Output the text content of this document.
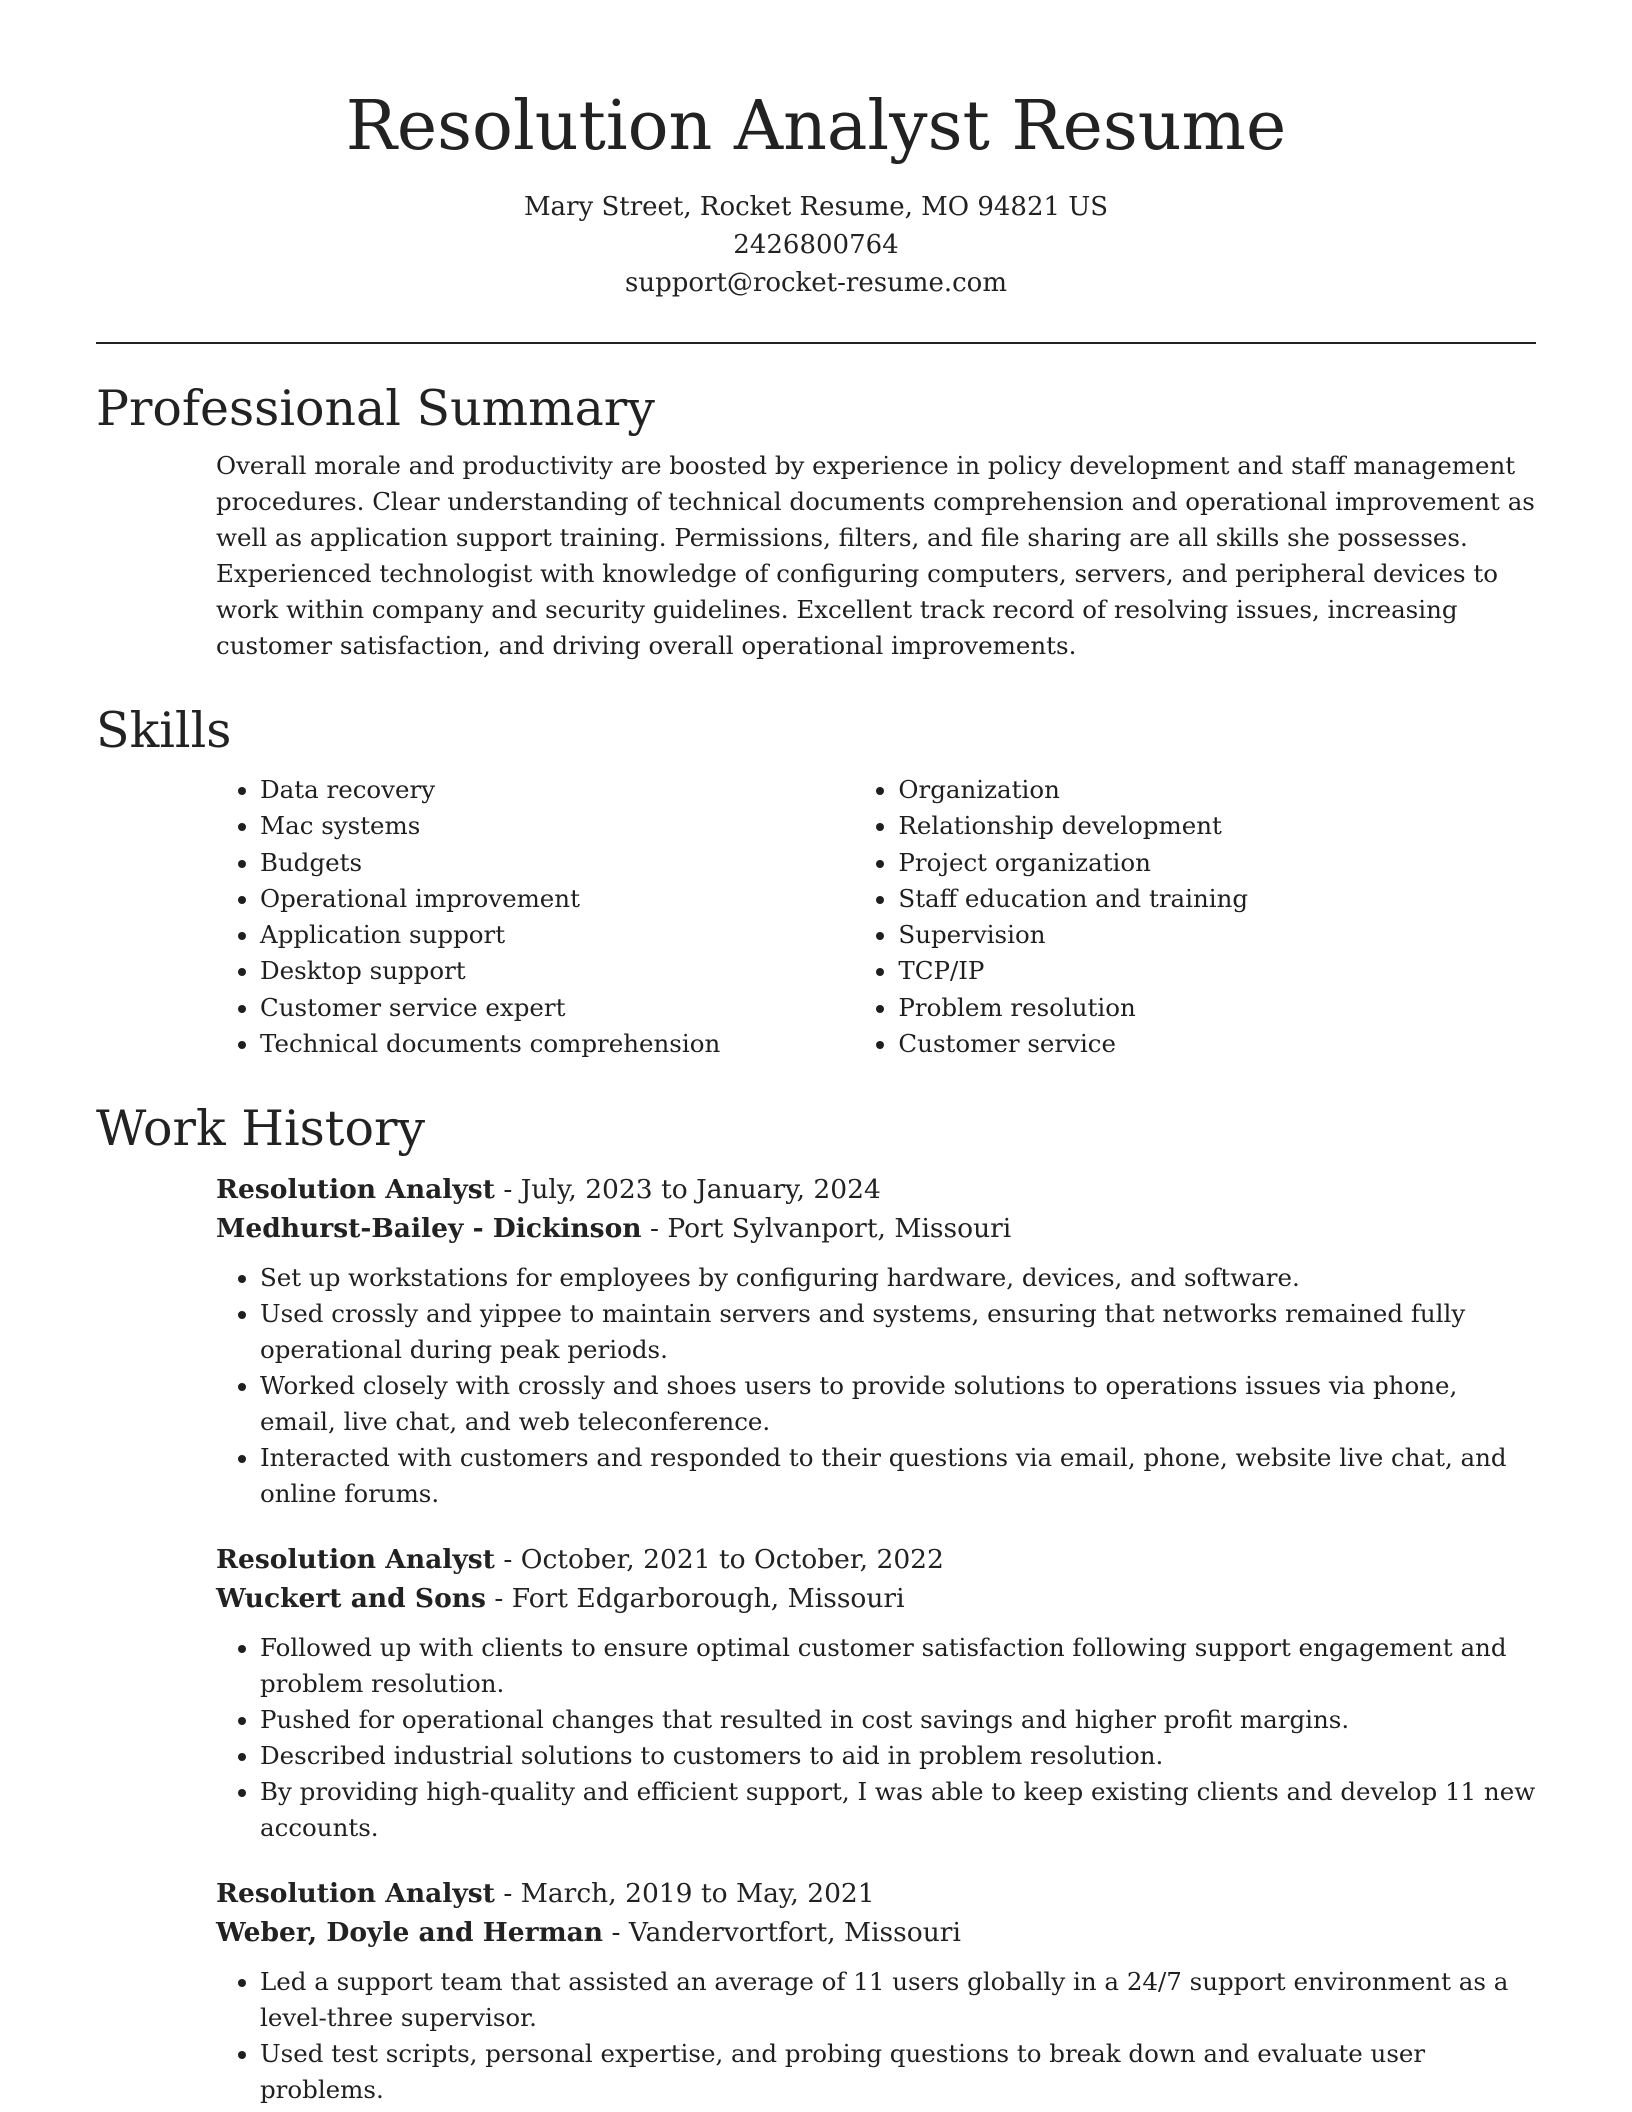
Resolution Analyst Resume
Mary Street, Rocket Resume, MO 94821 US
2426800764
support@rocket-resume.com
Professional Summary

Overall morale and productivity are boosted by experience in policy development and staff management procedures. Clear understanding of technical documents comprehension and operational improvement as well as application support training. Permissions, filters, and file sharing are all skills she possesses. Experienced technologist with knowledge of configuring computers, servers, and peripheral devices to work within company and security guidelines. Excellent track record of resolving issues, increasing customer satisfaction, and driving overall operational improvements.

Skills
• Data recovery
• Mac systems
• Budgets
• Operational improvement
• Application support
• Desktop support
• Customer service expert
• Technical documents comprehension
• Organization
• Relationship development
• Project organization
• Staff education and training
• Supervision
• TCP/IP
• Problem resolution
• Customer service
Work History
Resolution Analyst - July, 2023 to January, 2024
Medhurst-Bailey - Dickinson - Port Sylvanport, Missouri
• Set up workstations for employees by configuring hardware, devices, and software.
• Used crossly and yippee to maintain servers and systems, ensuring that networks remained fully operational during peak periods.
• Worked closely with crossly and shoes users to provide solutions to operations issues via phone, email, live chat, and web teleconference.
• Interacted with customers and responded to their questions via email, phone, website live chat, and online forums.
Resolution Analyst - October, 2021 to October, 2022
Wuckert and Sons - Fort Edgarborough, Missouri
• Followed up with clients to ensure optimal customer satisfaction following support engagement and problem resolution.
• Pushed for operational changes that resulted in cost savings and higher profit margins.
• Described industrial solutions to customers to aid in problem resolution.
• By providing high-quality and efficient support, I was able to keep existing clients and develop 11 new accounts.
Resolution Analyst - March, 2019 to May, 2021
Weber, Doyle and Herman - Vandervortfort, Missouri
• Led a support team that assisted an average of 11 users globally in a 24/7 support environment as a level-three supervisor.
• Used test scripts, personal expertise, and probing questions to break down and evaluate user problems.
